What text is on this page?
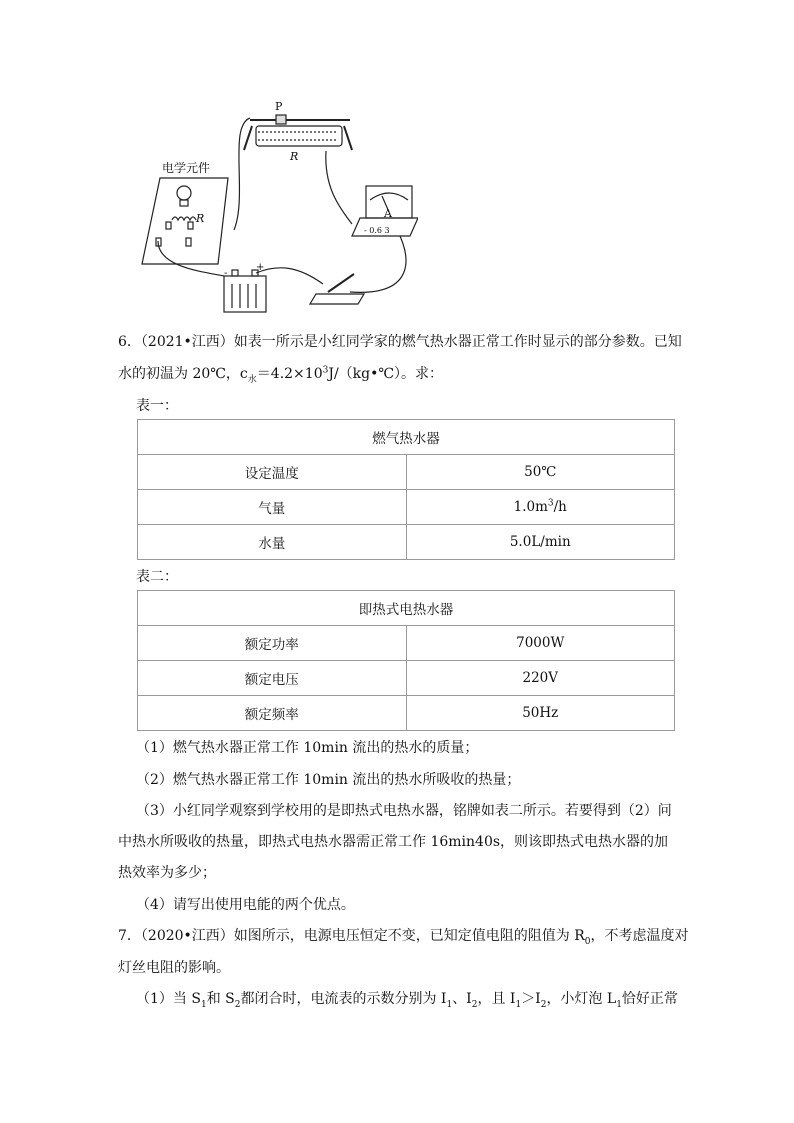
P
R
电学元件
R	A
- 0.6 3
-
+
6．（2021•江西）如表一所示是小红同学家的燃气热水器正常工作时显示的部分参数。已知
水的初温为 20℃，$c_水=4.2\times 10^3J/(kg•℃)$。求：
表一：
燃气热水器	
设定温度	50℃
气量	$1.0m^3/h$
水量	5.0L/min
表二：
即热式电热水器	
额定功率	7000W
额定电压	220V
额定频率	50Hz
（1）燃气热水器正常工作 10min 流出的热水的质量；
（2）燃气热水器正常工作 10min 流出的热水所吸收的热量；
（3）小红同学观察到学校用的是即热式电热水器，铭牌如表二所示。若要得到（2）问
中热水所吸收的热量，即热式电热水器需正常工作 16min40s，则该即热式电热水器的加
热效率为多少；
（4）请写出使用电能的两个优点。
7．（2020•江西）如图所示，电源电压恒定不变，已知定值电阻的阻值为 $R_0$，不考虑温度对
灯丝电阻的影响。
（1）当 $S_1$和 $S_2$都闭合时，电流表的示数分别为 $I_1$、$I_2$，且 $I_1>I_2$，小灯泡 $L_1$恰好正常
